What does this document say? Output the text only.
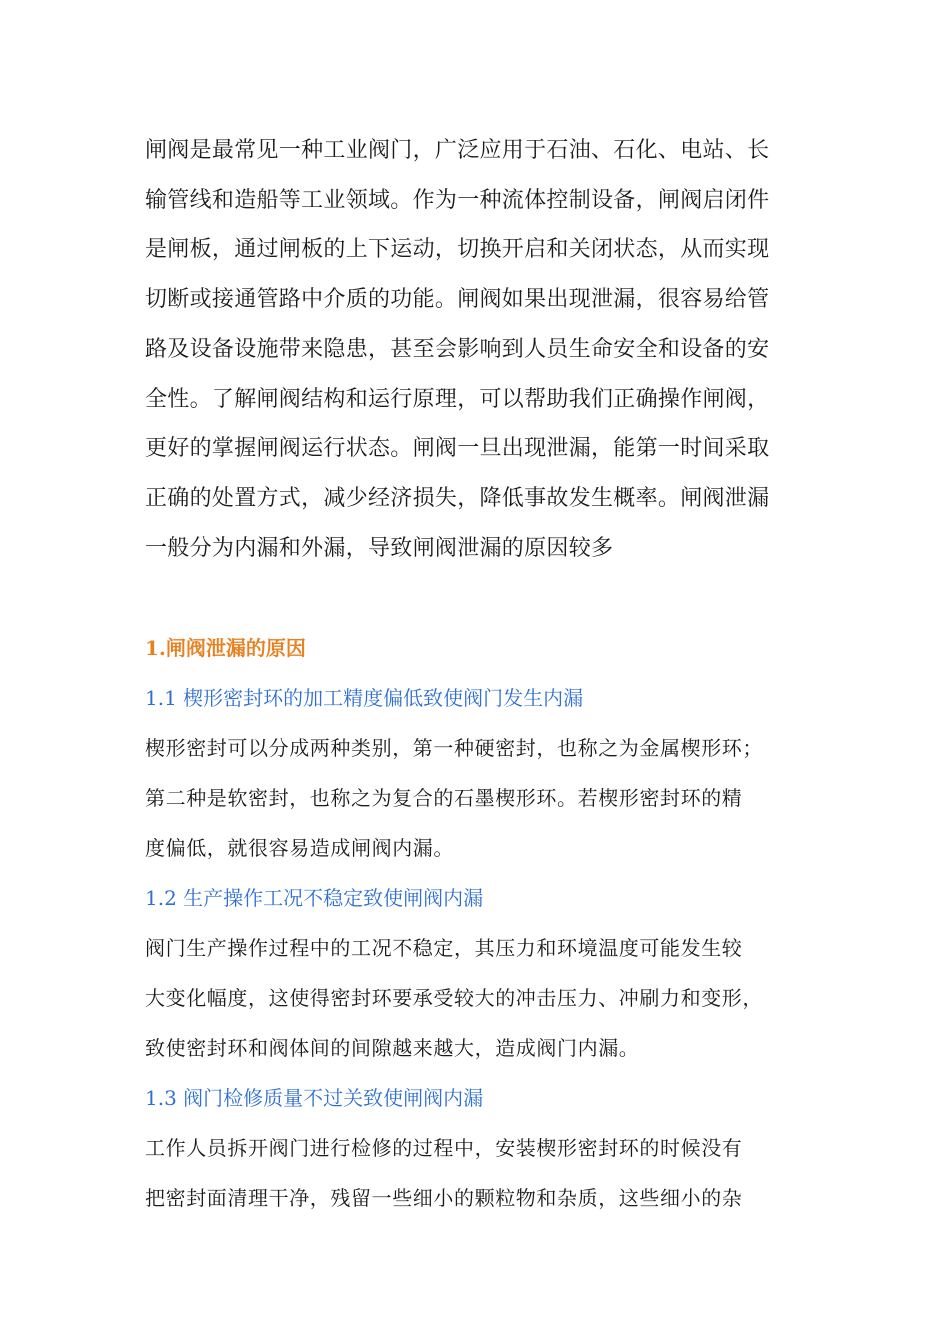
闸阀是最常见一种工业阀门，广泛应用于石油、石化、电站、长
输管线和造船等工业领域。作为一种流体控制设备，闸阀启闭件
是闸板，通过闸板的上下运动，切换开启和关闭状态，从而实现
切断或接通管路中介质的功能。闸阀如果出现泄漏，很容易给管
路及设备设施带来隐患，甚至会影响到人员生命安全和设备的安
全性。了解闸阀结构和运行原理，可以帮助我们正确操作闸阀，
更好的掌握闸阀运行状态。闸阀一旦出现泄漏，能第一时间采取
正确的处置方式，减少经济损失，降低事故发生概率。闸阀泄漏
一般分为内漏和外漏，导致闸阀泄漏的原因较多
1.闸阀泄漏的原因
1.1 楔形密封环的加工精度偏低致使阀门发生内漏
楔形密封可以分成两种类别，第一种硬密封，也称之为金属楔形环；
第二种是软密封，也称之为复合的石墨楔形环。若楔形密封环的精
度偏低，就很容易造成闸阀内漏。
1.2 生产操作工况不稳定致使闸阀内漏
阀门生产操作过程中的工况不稳定，其压力和环境温度可能发生较
大变化幅度，这使得密封环要承受较大的冲击压力、冲刷力和变形，
致使密封环和阀体间的间隙越来越大，造成阀门内漏。
1.3 阀门检修质量不过关致使闸阀内漏
工作人员拆开阀门进行检修的过程中，安装楔形密封环的时候没有
把密封面清理干净，残留一些细小的颗粒物和杂质，这些细小的杂
